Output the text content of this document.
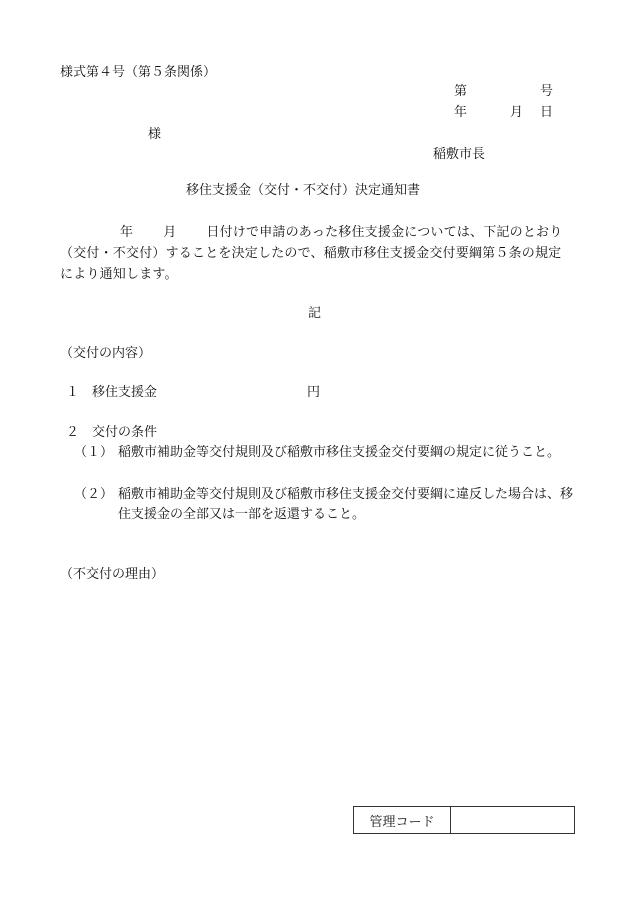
様式第４号（第５条関係）
第	号
年	月 日
様
稲敷市長
移住支援金（交付・不交付）決定通知書
年 月 日付けで申請のあった移住支援金については、下記のとおり（交付・不交付）することを決定したので、稲敷市移住支援金交付要綱第５条の規定により通知します。
記
（交付の内容）
１ 移住支援金	円
２ 交付の条件
（１） 稲敷市補助金等交付規則及び稲敷市移住支援金交付要綱の規定に従うこと。
（２） 稲敷市補助金等交付規則及び稲敷市移住支援金交付要綱に違反した場合は、移住支援金の全部又は一部を返還すること。
（不交付の理由）
管理コード
